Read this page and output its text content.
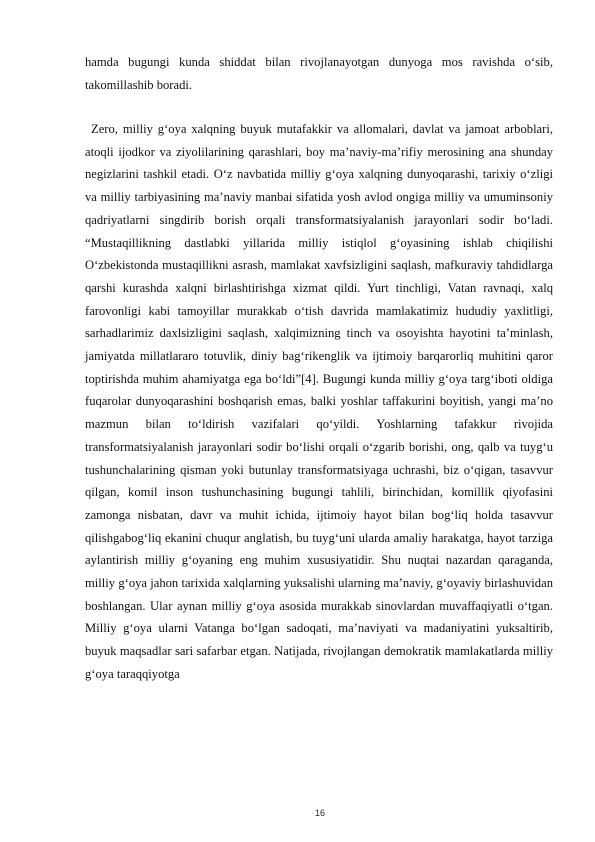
hamda bugungi kunda shiddat bilan rivojlanayotgan dunyoga mos ravishda o‘sib, takomillashib boradi.
Zero, milliy g‘oya xalqning buyuk mutafakkir va allomalari, davlat va jamoat arboblari, atoqli ijodkor va ziyolilarining qarashlari, boy ma’naviy-ma’rifiy merosining ana shunday negizlarini tashkil etadi. O‘z navbatida milliy g‘oya xalqning dunyoqarashi, tarixiy o‘zligi va milliy tarbiyasining ma’naviy manbai sifatida yosh avlod ongiga milliy va umuminsoniy qadriyatlarni singdirib borish orqali transformatsiyalanish jarayonlari sodir bo‘ladi. “Mustaqillikning dastlabki yillarida milliy istiqlol g‘oyasining ishlab chiqilishi O‘zbekistonda mustaqillikni asrash, mamlakat xavfsizligini saqlash, mafkuraviy tahdidlarga qarshi kurashda xalqni birlashtirishga xizmat qildi. Yurt tinchligi, Vatan ravnaqi, xalq farovonligi kabi tamoyillar murakkab o‘tish davrida mamlakatimiz hududiy yaxlitligi, sarhadlarimiz daxlsizligini saqlash, xalqimizning tinch va osoyishta hayotini ta’minlash, jamiyatda millatlararo totuvlik, diniy bag‘rikenglik va ijtimoiy barqarorliq muhitini qaror toptirishda muhim ahamiyatga ega bo‘ldi”[4]. Bugungi kunda milliy g‘oya targ‘iboti oldiga fuqarolar dunyoqarashini boshqarish emas, balki yoshlar taffakurini boyitish, yangi ma’no mazmun bilan to‘ldirish vazifalari qo‘yildi. Yoshlarning tafakkur rivojida transformatsiyalanish jarayonlari sodir bo‘lishi orqali o‘zgarib borishi, ong, qalb va tuyg‘u tushunchalarining qisman yoki butunlay transformatsiyaga uchrashi, biz o‘qigan, tasavvur qilgan, komil inson tushunchasining bugungi tahlili, birinchidan, komillik qiyofasini zamonga nisbatan, davr va muhit ichida, ijtimoiy hayot bilan bog‘liq holda tasavvur qilishgabog‘liq ekanini chuqur anglatish, bu tuyg‘uni ularda amaliy harakatga, hayot tarziga aylantirish milliy g‘oyaning eng muhim xususiyatidir. Shu nuqtai nazardan qaraganda, milliy g‘oya jahon tarixida xalqlarning yuksalishi ularning ma’naviy, g‘oyaviy birlashuvidan boshlangan. Ular aynan milliy g‘oya asosida murakkab sinovlardan muvaffaqiyatli o‘tgan. Milliy g‘oya ularni Vatanga bo‘lgan sadoqati, ma’naviyati va madaniyatini yuksaltirib, buyuk maqsadlar sari safarbar etgan. Natijada, rivojlangan demokratik mamlakatlarda milliy g‘oya taraqqiyotga
16
